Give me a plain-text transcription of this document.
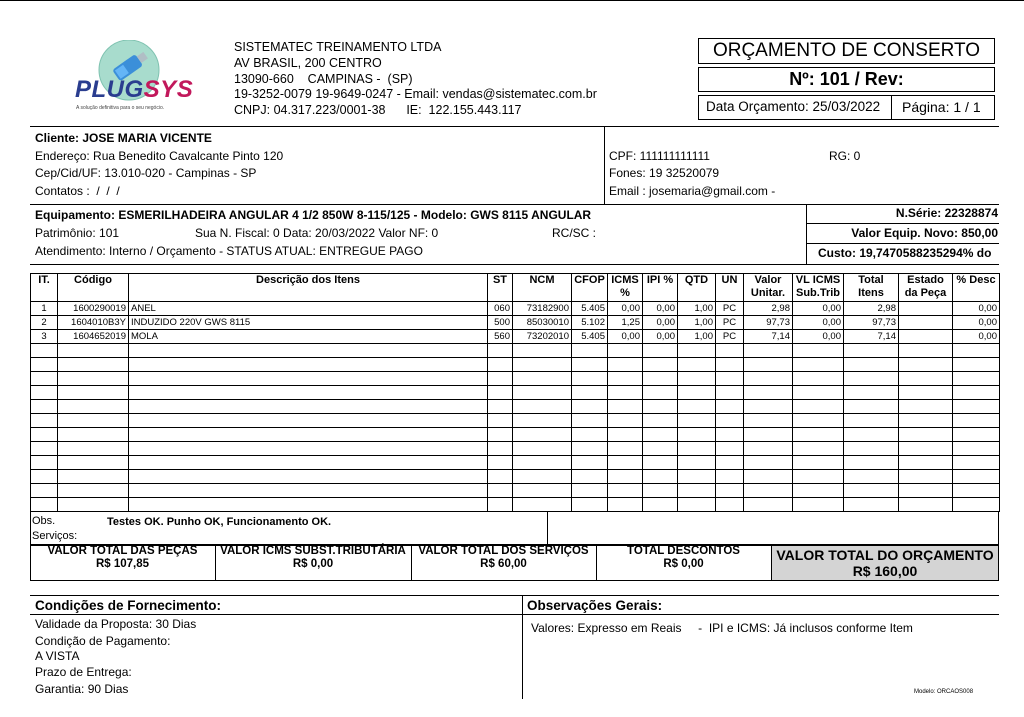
PLUGSYS
A solução definitiva para o seu negócio.
SISTEMATEC TREINAMENTO LTDA
AV BRASIL, 200 CENTRO
13090-660    CAMPINAS -  (SP)
19-3252-0079 19-9649-0247 - Email: vendas@sistematec.com.br
CNPJ: 04.317.223/0001-38      IE:  122.155.443.117
ORÇAMENTO DE CONSERTO
Nº: 101 / Rev:
Data Orçamento: 25/03/2022 Página: 1 / 1
Cliente: JOSE MARIA VICENTE
Endereço: Rua Benedito Cavalcante Pinto 120
Cep/Cid/UF: 13.010-020 - Campinas - SP
Contatos :  /  /  /
CPF: 111111111111	RG: 0
Fones: 19 32520079
Email : josemaria@gmail.com -
Equipamento: ESMERILHADEIRA ANGULAR 4 1/2 850W 8-115/125 - Modelo: GWS 8115 ANGULAR
Patrimônio: 101	Sua N. Fiscal: 0 Data: 20/03/2022 Valor NF: 0	RC/SC :
Atendimento: Interno / Orçamento - STATUS ATUAL: ENTREGUE PAGO
N.Série: 22328874
Valor Equip. Novo: 850,00
Custo: 19,7470588235294% do
IT.	Código	Descrição dos Itens	ST	NCM	CFOP	ICMS %	IPI %	QTD	UN	Valor Unitar.	VL ICMS Sub.Trib	Total Itens	Estado da Peça	% Desc
1	1600290019	ANEL	060	73182900	5.405	0,00	0,00	1,00	PC	2,98	0,00	2,98		0,00
2	1604010B3Y	INDUZIDO 220V GWS 8115	500	85030010	5.102	1,25	0,00	1,00	PC	97,73	0,00	97,73		0,00
3	1604652019	MOLA	560	73202010	5.405	0,00	0,00	1,00	PC	7,14	0,00	7,14		0,00

Obs.
Serviços:
Testes OK. Punho OK, Funcionamento OK.
VALOR TOTAL DAS PEÇAS
R$ 107,85
VALOR ICMS SUBST.TRIBUTÁRIA
R$ 0,00
VALOR TOTAL DOS SERVIÇOS
R$ 60,00
TOTAL DESCONTOS
R$ 0,00
VALOR TOTAL DO ORÇAMENTO
R$ 160,00
Condições de Fornecimento:	Observações Gerais:
Validade da Proposta: 30 Dias
Condição de Pagamento:
A VISTA
Prazo de Entrega:
Garantia: 90 Dias
Valores: Expresso em Reais     -  IPI e ICMS: Já inclusos conforme Item
Modelo: ORCAOS008
